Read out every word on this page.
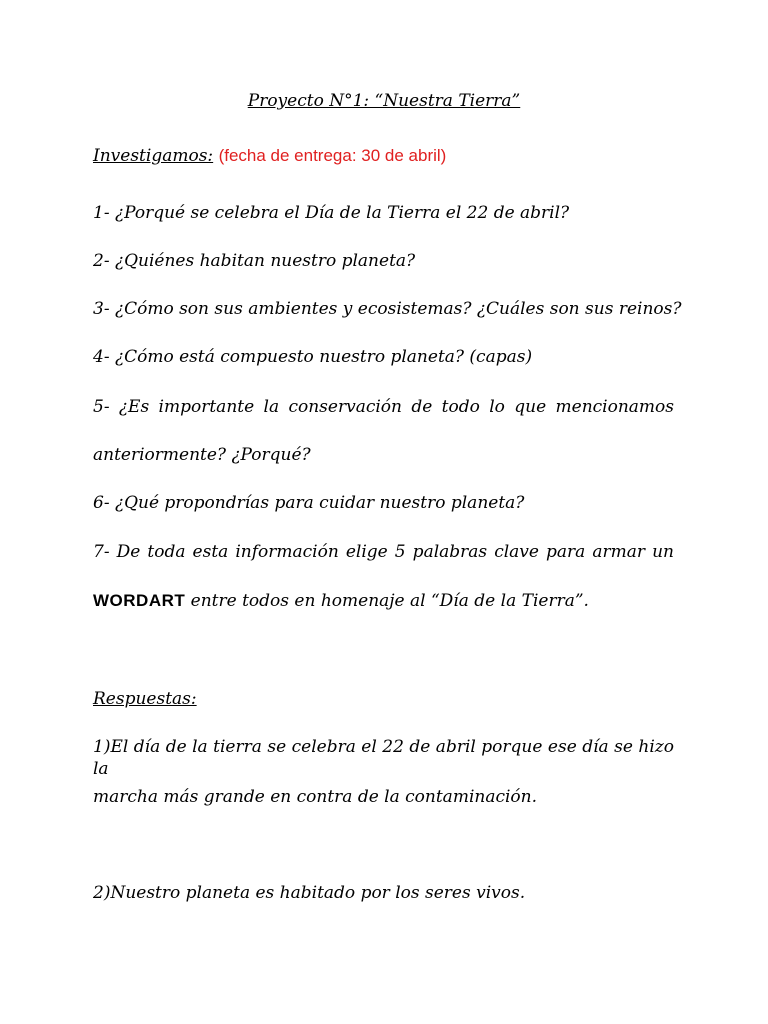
Proyecto N°1: “Nuestra Tierra”
Investigamos: (fecha de entrega: 30 de abril)
1- ¿Porqué se celebra el Día de la Tierra el 22 de abril?
2- ¿Quiénes habitan nuestro planeta?
3- ¿Cómo son sus ambientes y ecosistemas? ¿Cuáles son sus reinos?
4- ¿Cómo está compuesto nuestro planeta? (capas)
5- ¿Es importante la conservación de todo lo que mencionamos
anteriormente? ¿Porqué?
6- ¿Qué propondrías para cuidar nuestro planeta?
7- De toda esta información elige 5 palabras clave para armar un
WORDART entre todos en homenaje al “Día de la Tierra”.
Respuestas:
1)El día de la tierra se celebra el 22 de abril porque ese día se hizo la
marcha más grande en contra de la contaminación.
2)Nuestro planeta es habitado por los seres vivos.
